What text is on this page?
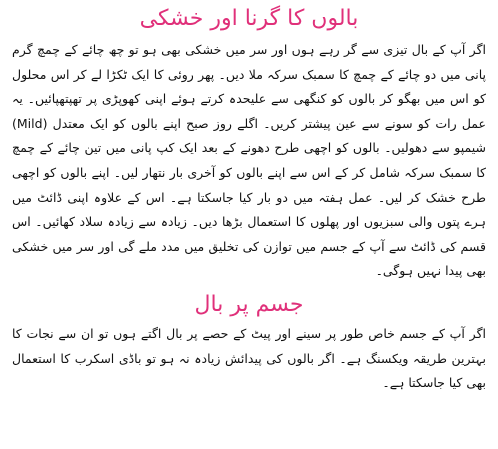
بالوں کا گرنا اور خشکی

اگر آپ کے بال تیزی سے گر رہے ہوں اور سر میں خشکی بھی ہو تو چھ چائے کے چمچ گرم پانی میں دو چائے کے چمچ کا سمبک سرکہ ملا دیں۔ پھر روئی کا ایک ٹکڑا لے کر اس محلول کو اس میں بھگو کر بالوں کو کنگھی سے علیحدہ کرتے ہوئے اپنی کھوپڑی پر تھپتھپائیں۔ یہ عمل رات کو سونے سے عین پیشتر کریں۔ اگلے روز صبح اپنے بالوں کو ایک معتدل (Mild) شیمپو سے دھولیں۔ بالوں کو اچھی طرح دھونے کے بعد ایک کپ پانی میں تین چائے کے چمچ کا سمبک سرکہ شامل کر کے اس سے اپنے بالوں کو آخری بار نتھار لیں۔ اپنے بالوں کو اچھی طرح خشک کر لیں۔ عمل ہفتہ میں دو بار کیا جاسکتا ہے۔ اس کے علاوہ اپنی ڈائٹ میں ہرے پتوں والی سبزیوں اور پھلوں کا استعمال بڑھا دیں۔ زیادہ سے زیادہ سلاد کھائیں۔ اس قسم کی ڈائٹ سے آپ کے جسم میں توازن کی تخلیق میں مدد ملے گی اور سر میں خشکی بھی پیدا نہیں ہوگی۔

جسم پر بال

اگر آپ کے جسم خاص طور پر سینے اور پیٹ کے حصے پر بال اگتے ہوں تو ان سے نجات کا بہترین طریقہ ویکسنگ ہے۔ اگر بالوں کی پیدائش زیادہ نہ ہو تو باڈی اسکرب کا استعمال بھی کیا جاسکتا ہے۔
